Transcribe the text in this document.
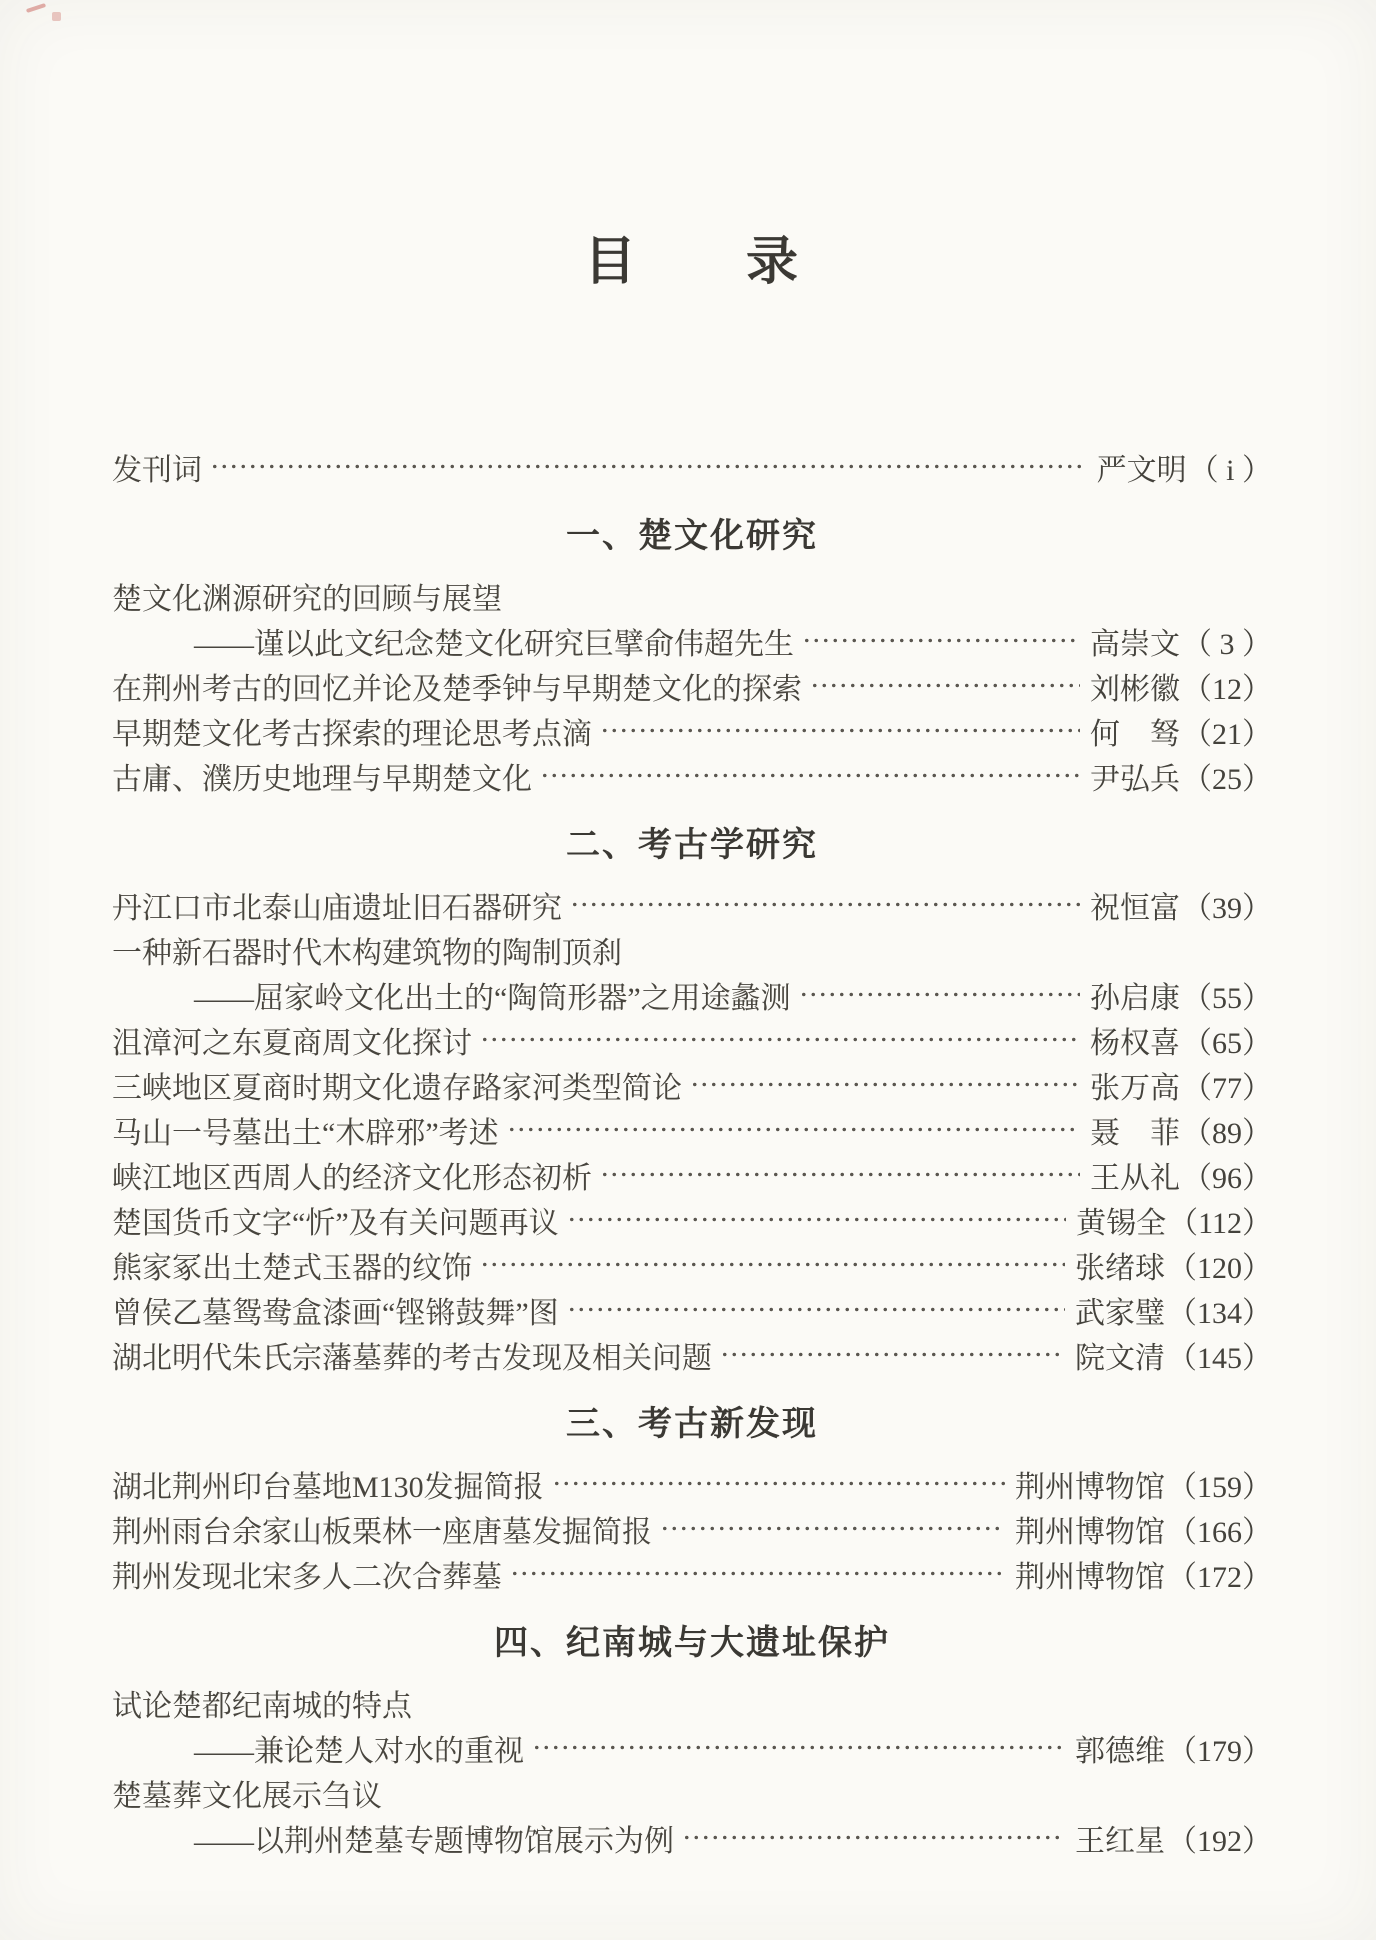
目　　录
发刊词	严文明（ i ）
一、楚文化研究
楚文化渊源研究的回顾与展望
——谨以此文纪念楚文化研究巨擘俞伟超先生	高崇文（ 3 ）
在荆州考古的回忆并论及楚季钟与早期楚文化的探索	刘彬徽（12）
早期楚文化考古探索的理论思考点滴	何　驽（21）
古庸、濮历史地理与早期楚文化	尹弘兵（25）
二、考古学研究
丹江口市北泰山庙遗址旧石器研究	祝恒富（39）
一种新石器时代木构建筑物的陶制顶刹
——屈家岭文化出土的“陶筒形器”之用途蠡测	孙启康（55）
沮漳河之东夏商周文化探讨	杨权喜（65）
三峡地区夏商时期文化遗存路家河类型简论	张万高（77）
马山一号墓出土“木辟邪”考述	聂　菲（89）
峡江地区西周人的经济文化形态初析	王从礼（96）
楚国货币文字“忻”及有关问题再议	黄锡全（112）
熊家冢出土楚式玉器的纹饰	张绪球（120）
曾侯乙墓鸳鸯盒漆画“铿锵鼓舞”图	武家璧（134）
湖北明代朱氏宗藩墓葬的考古发现及相关问题	院文清（145）
三、考古新发现
湖北荆州印台墓地M130发掘简报	荆州博物馆（159）
荆州雨台余家山板栗林一座唐墓发掘简报	荆州博物馆（166）
荆州发现北宋多人二次合葬墓	荆州博物馆（172）
四、纪南城与大遗址保护
试论楚都纪南城的特点
——兼论楚人对水的重视	郭德维（179）
楚墓葬文化展示刍议
——以荆州楚墓专题博物馆展示为例	王红星（192）
